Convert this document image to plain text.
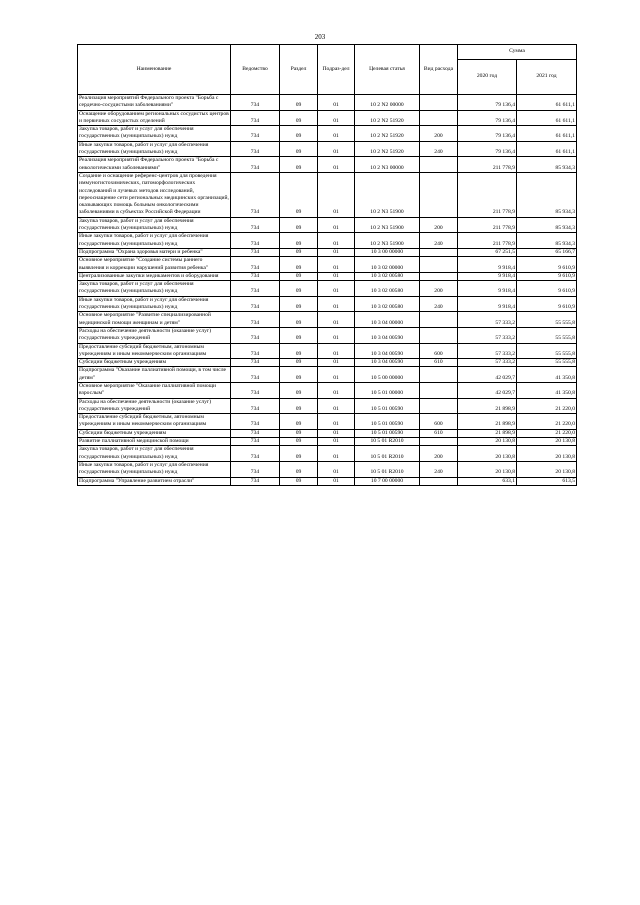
203
Наименование	Ведомство	Раздел	Подраз-дел	Целевая статья	Вид расхода	Сумма	
						2020 год	2021 год
Реализация мероприятий Федерального проекта "Борьба с сердечно-сосудистыми заболеваниями"	734	09	01	10 2 N2 00000		79 136,4	61 611,1
Оснащение оборудованием региональных сосудистых центров и первичных сосудистых отделений	734	09	01	10 2 N2 51920		79 136,4	61 611,1
Закупка товаров, работ и услуг для обеспечения государственных (муниципальных) нужд	734	09	01	10 2 N2 51920	200	79 136,4	61 611,1
Иные закупки товаров, работ и услуг для обеспечения государственных (муниципальных) нужд	734	09	01	10 2 N2 51920	240	79 136,4	61 611,1
Реализация мероприятий Федерального проекта "Борьба с онкологическими заболеваниями"	734	09	01	10 2 N3 00000		211 778,9	85 934,3
Создание и оснащение референс-центров для проведения иммуногистохимических, патоморфологических исследований и лучевых методов исследований, переоснащение сети региональных медицинских организаций, оказывающих помощь больным онкологическими заболеваниями в субъектах Российской Федерации	734	09	01	10 2 N3 51900		211 778,9	85 934,3
Закупка товаров, работ и услуг для обеспечения государственных (муниципальных) нужд	734	09	01	10 2 N3 51900	200	211 778,9	85 934,3
Иные закупки товаров, работ и услуг для обеспечения государственных (муниципальных) нужд	734	09	01	10 2 N3 51900	240	211 778,9	85 934,3
Подпрограмма "Охрана здоровья матери и ребенка"	734	09	01	10 3 00 00000		67 251,5	65 166,7
Основное мероприятие "Создание системы раннего выявления и коррекции нарушений развития ребенка"	734	09	01	10 3 02 00000		9 918,4	9 610,9
Централизованные закупки медикаментов и оборудования	734	09	01	10 3 02 00580		9 918,4	9 610,9
Закупка товаров, работ и услуг для обеспечения государственных (муниципальных) нужд	734	09	01	10 3 02 00580	200	9 918,4	9 610,9
Иные закупки товаров, работ и услуг для обеспечения государственных (муниципальных) нужд	734	09	01	10 3 02 00580	240	9 918,4	9 610,9
Основное мероприятие "Развитие специализированной медицинской помощи женщинам и детям"	734	09	01	10 3 04 00000		57 333,2	55 555,8
Расходы на обеспечение деятельности (оказание услуг) государственных учреждений	734	09	01	10 3 04 00590		57 333,2	55 555,8
Предоставление субсидий бюджетным, автономным учреждениям и иным некоммерческим организациям	734	09	01	10 3 04 00590	600	57 333,2	55 555,8
Субсидии бюджетным учреждениям	734	09	01	10 3 04 00590	610	57 333,2	55 555,8
Подпрограмма "Оказание паллиативной помощи, в том числе детям"	734	09	01	10 5 00 00000		42 029,7	41 350,8
Основное мероприятие "Оказание паллиативной помощи взрослым"	734	09	01	10 5 01 00000		42 029,7	41 350,8
Расходы на обеспечение деятельности (оказание услуг) государственных учреждений	734	09	01	10 5 01 00590		21 898,9	21 220,0
Предоставление субсидий бюджетным, автономным учреждениям и иным некоммерческим организациям	734	09	01	10 5 01 00590	600	21 898,9	21 220,0
Субсидии бюджетным учреждениям	734	09	01	10 5 01 00590	610	21 898,9	21 220,0
Развитие паллиативной медицинской помощи	734	09	01	10 5 01 R2010		20 130,8	20 130,8
Закупка товаров, работ и услуг для обеспечения государственных (муниципальных) нужд	734	09	01	10 5 01 R2010	200	20 130,8	20 130,8
Иные закупки товаров, работ и услуг для обеспечения государственных (муниципальных) нужд	734	09	01	10 5 01 R2010	240	20 130,8	20 130,8
Подпрограмма "Управление развитием отрасли"	734	09	01	10 7 00 00000		633,1	613,5
